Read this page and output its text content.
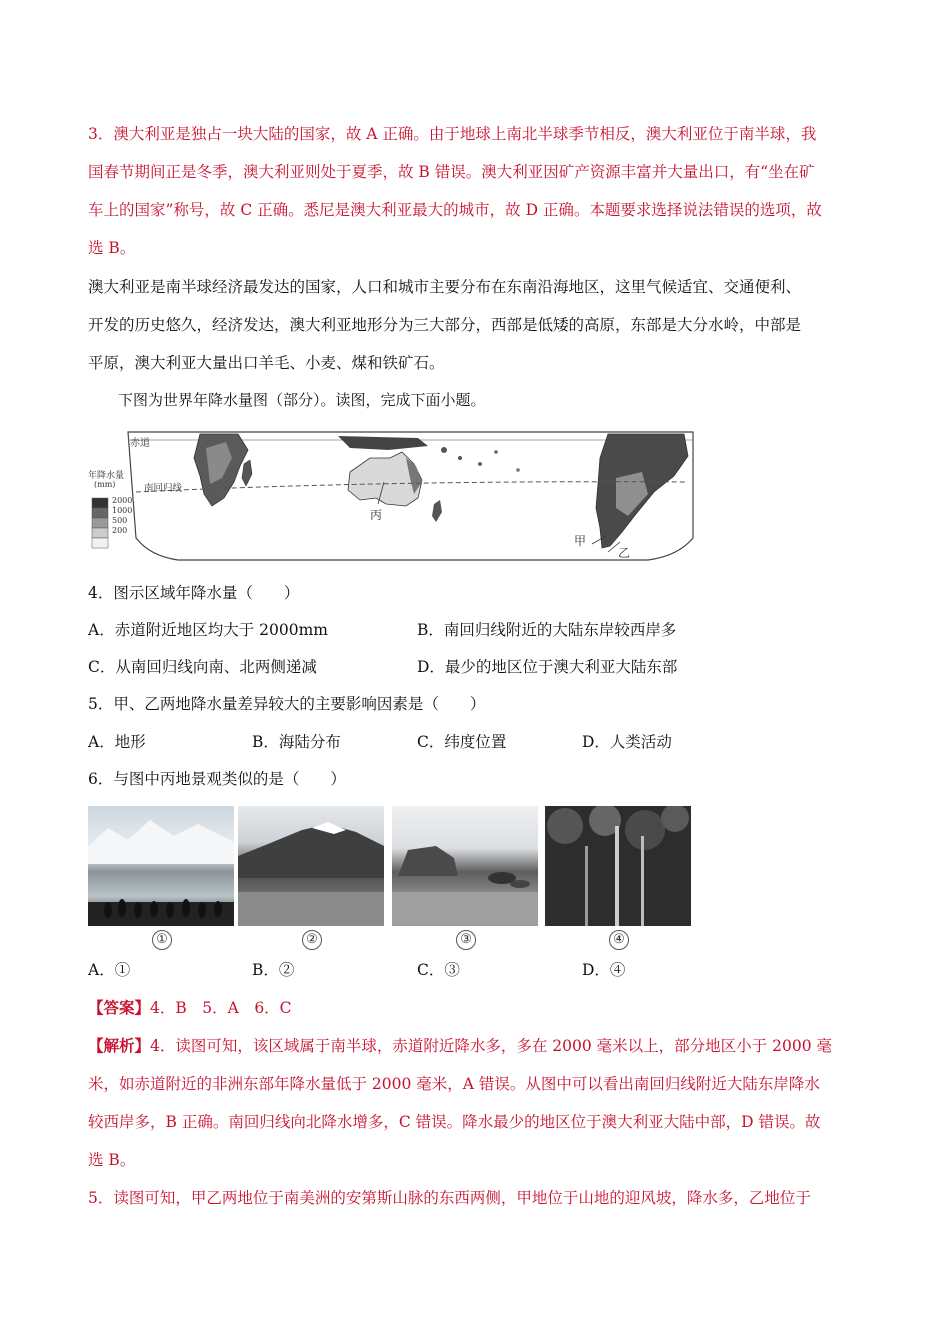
3．澳大利亚是独占一块大陆的国家，故 A 正确。由于地球上南北半球季节相反，澳大利亚位于南半球，我
国春节期间正是冬季，澳大利亚则处于夏季，故 B 错误。澳大利亚因矿产资源丰富并大量出口，有“坐在矿
车上的国家”称号，故 C 正确。悉尼是澳大利亚最大的城市，故 D 正确。本题要求选择说法错误的选项，故
选 B。
澳大利亚是南半球经济最发达的国家，人口和城市主要分布在东南沿海地区，这里气候适宜、交通便利、
开发的历史悠久，经济发达，澳大利亚地形分为三大部分，西部是低矮的高原，东部是大分水岭，中部是
平原，澳大利亚大量出口羊毛、小麦、煤和铁矿石。
下图为世界年降水量图（部分）。读图，完成下面小题。
赤道
南回归线
年降水量
(mm)
2000
1000
500
200
丙
甲
乙
4．图示区域年降水量（　　）
A．赤道附近地区均大于 2000mm	B．南回归线附近的大陆东岸较西岸多
C．从南回归线向南、北两侧递减	D．最少的地区位于澳大利亚大陆东部
5．甲、乙两地降水量差异较大的主要影响因素是（　　）
A．地形	B．海陆分布	C．纬度位置	D．人类活动
6．与图中丙地景观类似的是（　　）
①	②	③	④
A．①	B．②	C．③	D．④
【答案】4．B　5．A　6．C
【解析】4．读图可知，该区域属于南半球，赤道附近降水多，多在 2000 毫米以上，部分地区小于 2000 毫
米，如赤道附近的非洲东部年降水量低于 2000 毫米，A 错误。从图中可以看出南回归线附近大陆东岸降水
较西岸多，B 正确。南回归线向北降水增多，C 错误。降水最少的地区位于澳大利亚大陆中部，D 错误。故
选 B。
5．读图可知，甲乙两地位于南美洲的安第斯山脉的东西两侧，甲地位于山地的迎风坡，降水多，乙地位于
